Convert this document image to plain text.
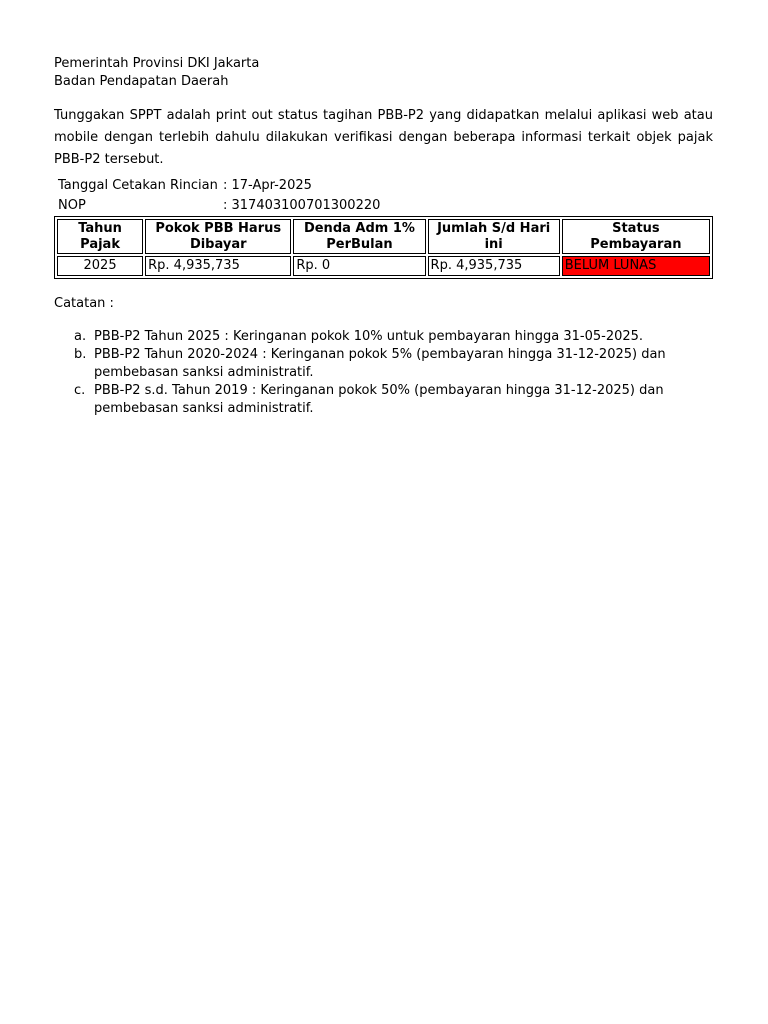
Pemerintah Provinsi DKI Jakarta
Badan Pendapatan Daerah
Tunggakan SPPT adalah print out status tagihan PBB-P2 yang didapatkan melalui aplikasi web atau mobile dengan terlebih dahulu dilakukan verifikasi dengan beberapa informasi terkait objek pajak PBB-P2 tersebut.
Tanggal Cetakan Rincian : 17-Apr-2025
NOP	: 317403100701300220
Tahun Pajak	Pokok PBB Harus Dibayar	Denda Adm 1% PerBulan	Jumlah S/d Hari ini	Status Pembayaran
2025	Rp. 4,935,735	Rp. 0	Rp. 4,935,735	BELUM LUNAS
Catatan :
a. PBB-P2 Tahun 2025 : Keringanan pokok 10% untuk pembayaran hingga 31-05-2025.
b. PBB-P2 Tahun 2020-2024 : Keringanan pokok 5% (pembayaran hingga 31-12-2025) dan pembebasan sanksi administratif.
c. PBB-P2 s.d. Tahun 2019 : Keringanan pokok 50% (pembayaran hingga 31-12-2025) dan pembebasan sanksi administratif.
